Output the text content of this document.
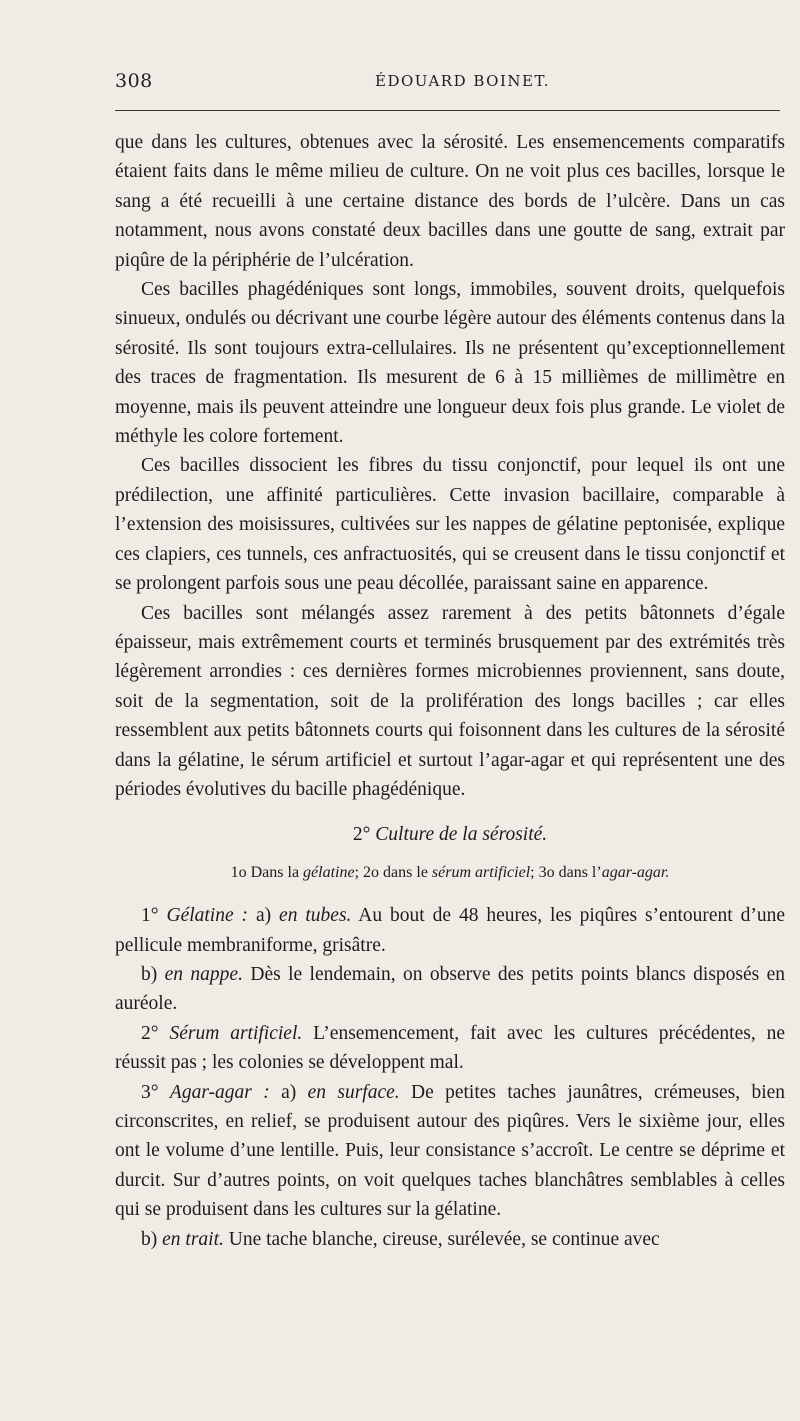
308	ÉDOUARD BOINET.

que dans les cultures, obtenues avec la sérosité. Les ensemencements comparatifs étaient faits dans le même milieu de culture. On ne voit plus ces bacilles, lorsque le sang a été recueilli à une certaine distance des bords de l’ulcère. Dans un cas notamment, nous avons constaté deux bacilles dans une goutte de sang, extrait par piqûre de la périphérie de l’ulcération.

Ces bacilles phagédéniques sont longs, immobiles, souvent droits, quelquefois sinueux, ondulés ou décrivant une courbe légère autour des éléments contenus dans la sérosité. Ils sont toujours extra-cellulaires. Ils ne présentent qu’exceptionnellement des traces de fragmentation. Ils mesurent de 6 à 15 millièmes de millimètre en moyenne, mais ils peuvent atteindre une longueur deux fois plus grande. Le violet de méthyle les colore fortement.

Ces bacilles dissocient les fibres du tissu conjonctif, pour lequel ils ont une prédilection, une affinité particulières. Cette invasion bacillaire, comparable à l’extension des moisissures, cultivées sur les nappes de gélatine peptonisée, explique ces clapiers, ces tunnels, ces anfractuosités, qui se creusent dans le tissu conjonctif et se prolongent parfois sous une peau décollée, paraissant saine en apparence.

Ces bacilles sont mélangés assez rarement à des petits bâtonnets d’égale épaisseur, mais extrêmement courts et terminés brusquement par des extrémités très légèrement arrondies : ces dernières formes microbiennes proviennent, sans doute, soit de la segmentation, soit de la prolifération des longs bacilles ; car elles ressemblent aux petits bâtonnets courts qui foisonnent dans les cultures de la sérosité dans la gélatine, le sérum artificiel et surtout l’agar-agar et qui représentent une des périodes évolutives du bacille phagédénique.

2° Culture de la sérosité.

1o Dans la gélatine; 2o dans le sérum artificiel; 3o dans l’agar-agar.

1° Gélatine : a) en tubes. Au bout de 48 heures, les piqûres s’entourent d’une pellicule membraniforme, grisâtre.

b) en nappe. Dès le lendemain, on observe des petits points blancs disposés en auréole.

2° Sérum artificiel. L’ensemencement, fait avec les cultures précédentes, ne réussit pas ; les colonies se développent mal.

3° Agar-agar : a) en surface. De petites taches jaunâtres, crémeuses, bien circonscrites, en relief, se produisent autour des piqûres. Vers le sixième jour, elles ont le volume d’une lentille. Puis, leur consistance s’accroît. Le centre se déprime et durcit. Sur d’autres points, on voit quelques taches blanchâtres semblables à celles qui se produisent dans les cultures sur la gélatine.

b) en trait. Une tache blanche, cireuse, surélevée, se continue avec
